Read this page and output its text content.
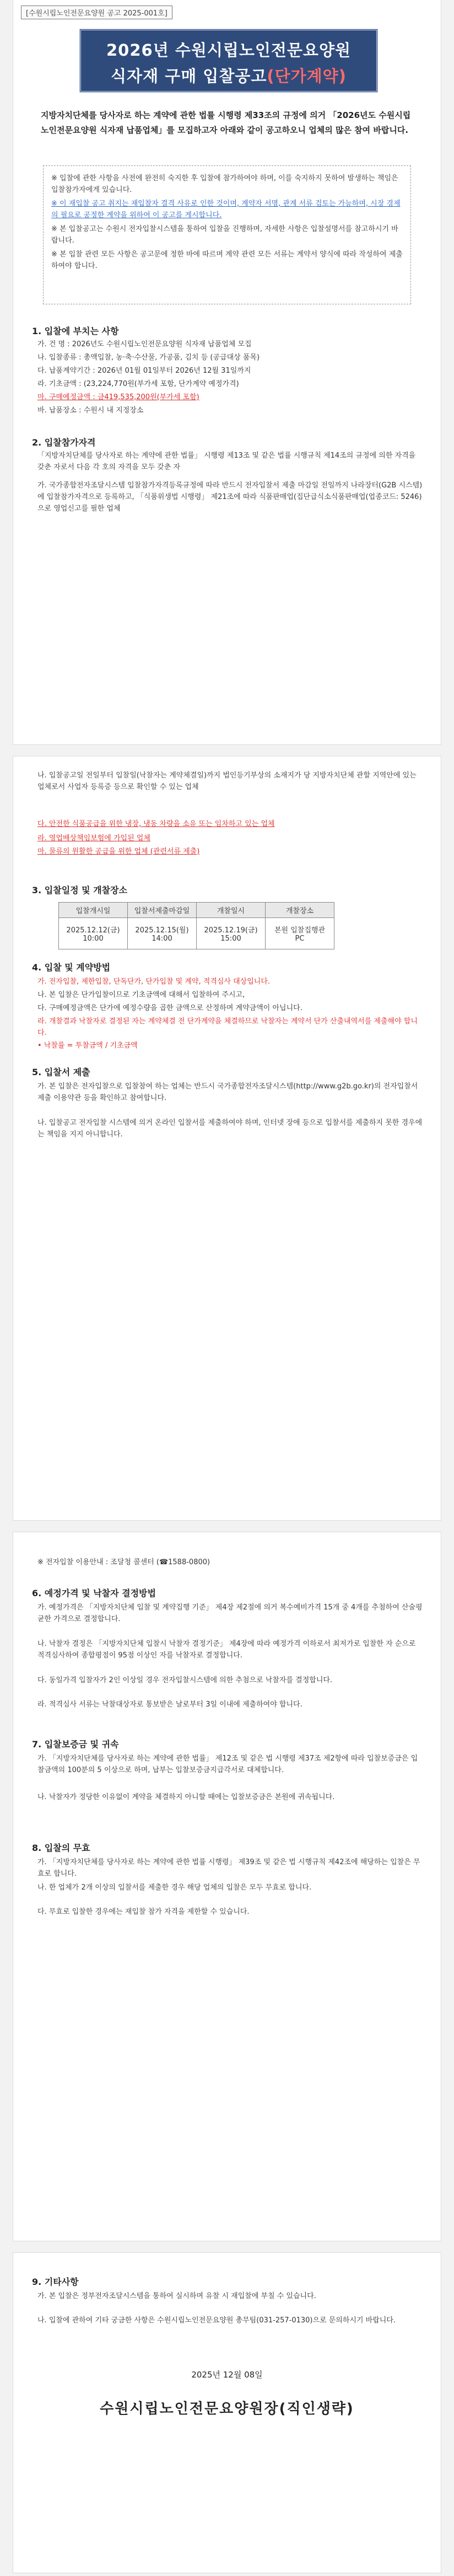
[수원시립노인전문요양원 공고 2025-001호]
2026년 수원시립노인전문요양원
식자재 구매 입찰공고(단가계약)
지방자치단체를 당사자로 하는 계약에 관한 법률 시행령 제33조의 규정에 의거 「2026년도 수원시립노인전문요양원 식자재 납품업체」를 모집하고자 아래와 같이 공고하오니 업체의 많은 참여 바랍니다.

※ 입찰에 관한 사항을 사전에 완전히 숙지한 후 입찰에 참가하여야 하며, 이를 숙지하지 못하여 발생하는 책임은 입찰참가자에게 있습니다.

※ 이 재입찰 공고 취지는 재입찰자 결격 사유로 인한 것이며, 계약자 서명, 관계 서류 검토는 가능하며, 시장 경제의 필요로 공정한 계약을 위하여 이 공고를 게시합니다.

※ 본 입찰공고는 수원시 전자입찰시스템을 통하여 입찰을 진행하며, 자세한 사항은 입찰설명서를 참고하시기 바랍니다.

※ 본 입찰 관련 모든 사항은 공고문에 정한 바에 따르며 계약 관련 모든 서류는 계약서 양식에 따라 작성하여 제출하여야 합니다.

1. 입찰에 부치는 사항
가. 건 명 : 2026년도 수원시립노인전문요양원 식자재 납품업체 모집
나. 입찰종류 : 총액입찰, 농·축·수산물, 가공품, 김치 등 (공급대상 품목)
다. 납품계약기간 : 2026년 01월 01일부터 2026년 12월 31일까지
라. 기초금액 : (23,224,770원(부가세 포함, 단가계약 예정가격)
마. 구매예정금액 : 금419,535,200원(부가세 포함)
바. 납품장소 : 수원시 내 지정장소
2. 입찰참가자격
「지방자치단체를 당사자로 하는 계약에 관한 법률」 시행령 제13조 및 같은 법률 시행규칙 제14조의 규정에 의한 자격을 갖춘 자로서 다음 각 호의 자격을 모두 갖춘 자
가. 국가종합전자조달시스템 입찰참가자격등록규정에 따라 반드시 전자입찰서 제출 마감일 전일까지 나라장터(G2B 시스템)에 입찰참가자격으로 등록하고, 「식품위생법 시행령」 제21조에 따라 식품판매업(집단급식소식품판매업(업종코드: 5246)으로 영업신고를 필한 업체
나. 입찰공고일 전일부터 입찰일(낙찰자는 계약체결일)까지 법인등기부상의 소재지가 당 지방자치단체 관할 지역안에 있는 업체로서 사업자 등록증 등으로 확인할 수 있는 업체
다. 안전한 식품공급을 위한 냉장, 냉동 차량을 소유 또는 임차하고 있는 업체
라. 영업배상책임보험에 가입된 업체
마. 물류의 원활한 공급을 위한 업체 (관련서류 제출)
3. 입찰일정 및 개찰장소
4. 입찰 및 계약방법
가. 전자입찰, 제한입찰, 단독단가, 단가입찰 및 계약, 적격심사 대상입니다.
나. 본 입찰은 단가입찰이므로 기초금액에 대해서 입찰하여 주시고,
다. 구매예정금액은 단가에 예정수량을 곱한 금액으로 산정하며 계약금액이 아닙니다.
라. 개찰결과 낙찰자로 결정된 자는 계약체결 전 단가계약을 체결하므로 낙찰자는 계약서 단가 산출내역서를 제출해야 합니다.
• 낙찰률 = 투찰금액 / 기초금액
5. 입찰서 제출
가. 본 입찰은 전자입찰으로 입찰참여 하는 업체는 반드시 국가종합전자조달시스템(http://www.g2b.go.kr)의 전자입찰서 제출 이용약관 등을 확인하고 참여합니다.
나. 입찰공고 전자입찰 시스템에 의거 온라인 입찰서를 제출하여야 하며, 인터넷 장애 등으로 입찰서를 제출하지 못한 경우에는 책임을 지지 아니합니다.
입찰개시일	입찰서제출마감일	개찰일시	개찰장소
2025.12.12(금) 10:00	2025.12.15(월) 14:00	2025.12.19(금) 15:00	본원 입찰집행관 PC
※ 전자입찰 이용안내 : 조달청 콜센터 (☎1588-0800)
6. 예정가격 및 낙찰자 결정방법
가. 예정가격은 「지방자치단체 입찰 및 계약집행 기준」 제4장 제2절에 의거 복수예비가격 15개 중 4개를 추첨하여 산술평균한 가격으로 결정합니다.
나. 낙찰자 결정은 「지방자치단체 입찰시 낙찰자 결정기준」 제4장에 따라 예정가격 이하로서 최저가로 입찰한 자 순으로 적격심사하여 종합평점이 95점 이상인 자를 낙찰자로 결정합니다.
다. 동일가격 입찰자가 2인 이상일 경우 전자입찰시스템에 의한 추첨으로 낙찰자를 결정합니다.
라. 적격심사 서류는 낙찰대상자로 통보받은 날로부터 3일 이내에 제출하여야 합니다.
7. 입찰보증금 및 귀속
가. 「지방자치단체를 당사자로 하는 계약에 관한 법률」 제12조 및 같은 법 시행령 제37조 제2항에 따라 입찰보증금은 입찰금액의 100분의 5 이상으로 하며, 납부는 입찰보증금지급각서로 대체합니다.
나. 낙찰자가 정당한 이유없이 계약을 체결하지 아니할 때에는 입찰보증금은 본원에 귀속됩니다.
8. 입찰의 무효
가. 「지방자치단체를 당사자로 하는 계약에 관한 법률 시행령」 제39조 및 같은 법 시행규칙 제42조에 해당하는 입찰은 무효로 합니다.
나. 한 업체가 2개 이상의 입찰서를 제출한 경우 해당 업체의 입찰은 모두 무효로 합니다.
다. 무효로 입찰한 경우에는 재입찰 참가 자격을 제한할 수 있습니다.
9. 기타사항
가. 본 입찰은 정부전자조달시스템을 통하여 실시하며 유찰 시 재입찰에 부칠 수 있습니다.
나. 입찰에 관하여 기타 궁금한 사항은 수원시립노인전문요양원 총무팀(031-257-0130)으로 문의하시기 바랍니다.
2025년 12월 08일
수원시립노인전문요양원장(직인생략)
